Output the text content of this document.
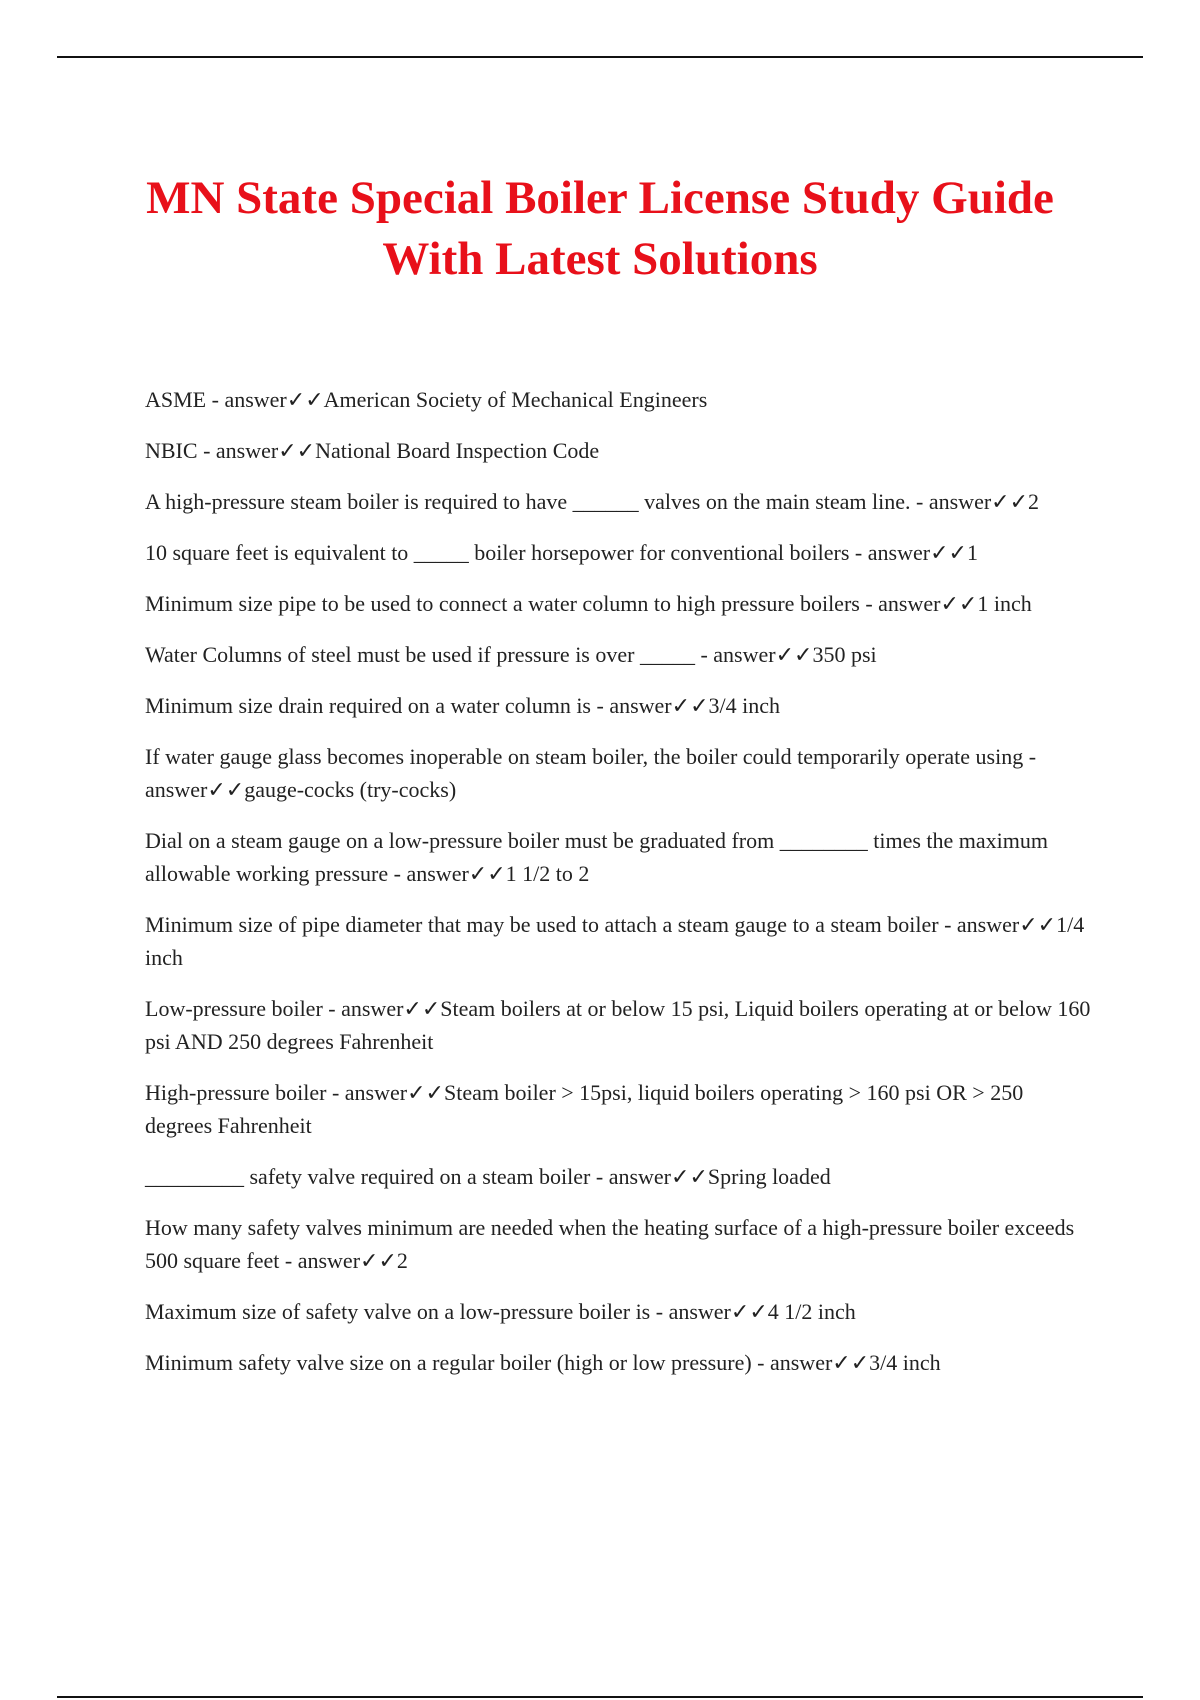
MN State Special Boiler License Study Guide
With Latest Solutions

ASME - answer✓✓American Society of Mechanical Engineers

NBIC - answer✓✓National Board Inspection Code

A high-pressure steam boiler is required to have ______ valves on the main steam line. - answer✓✓2

10 square feet is equivalent to _____ boiler horsepower for conventional boilers - answer✓✓1

Minimum size pipe to be used to connect a water column to high pressure boilers - answer✓✓1 inch

Water Columns of steel must be used if pressure is over _____ - answer✓✓350 psi

Minimum size drain required on a water column is - answer✓✓3/4 inch

If water gauge glass becomes inoperable on steam boiler, the boiler could temporarily operate using - answer✓✓gauge-cocks (try-cocks)

Dial on a steam gauge on a low-pressure boiler must be graduated from ________ times the maximum allowable working pressure - answer✓✓1 1/2 to 2

Minimum size of pipe diameter that may be used to attach a steam gauge to a steam boiler - answer✓✓1/4 inch

Low-pressure boiler - answer✓✓Steam boilers at or below 15 psi, Liquid boilers operating at or below 160 psi AND 250 degrees Fahrenheit

High-pressure boiler - answer✓✓Steam boiler > 15psi, liquid boilers operating > 160 psi OR > 250 degrees Fahrenheit

_________ safety valve required on a steam boiler - answer✓✓Spring loaded

How many safety valves minimum are needed when the heating surface of a high-pressure boiler exceeds 500 square feet - answer✓✓2

Maximum size of safety valve on a low-pressure boiler is - answer✓✓4 1/2 inch

Minimum safety valve size on a regular boiler (high or low pressure) - answer✓✓3/4 inch
